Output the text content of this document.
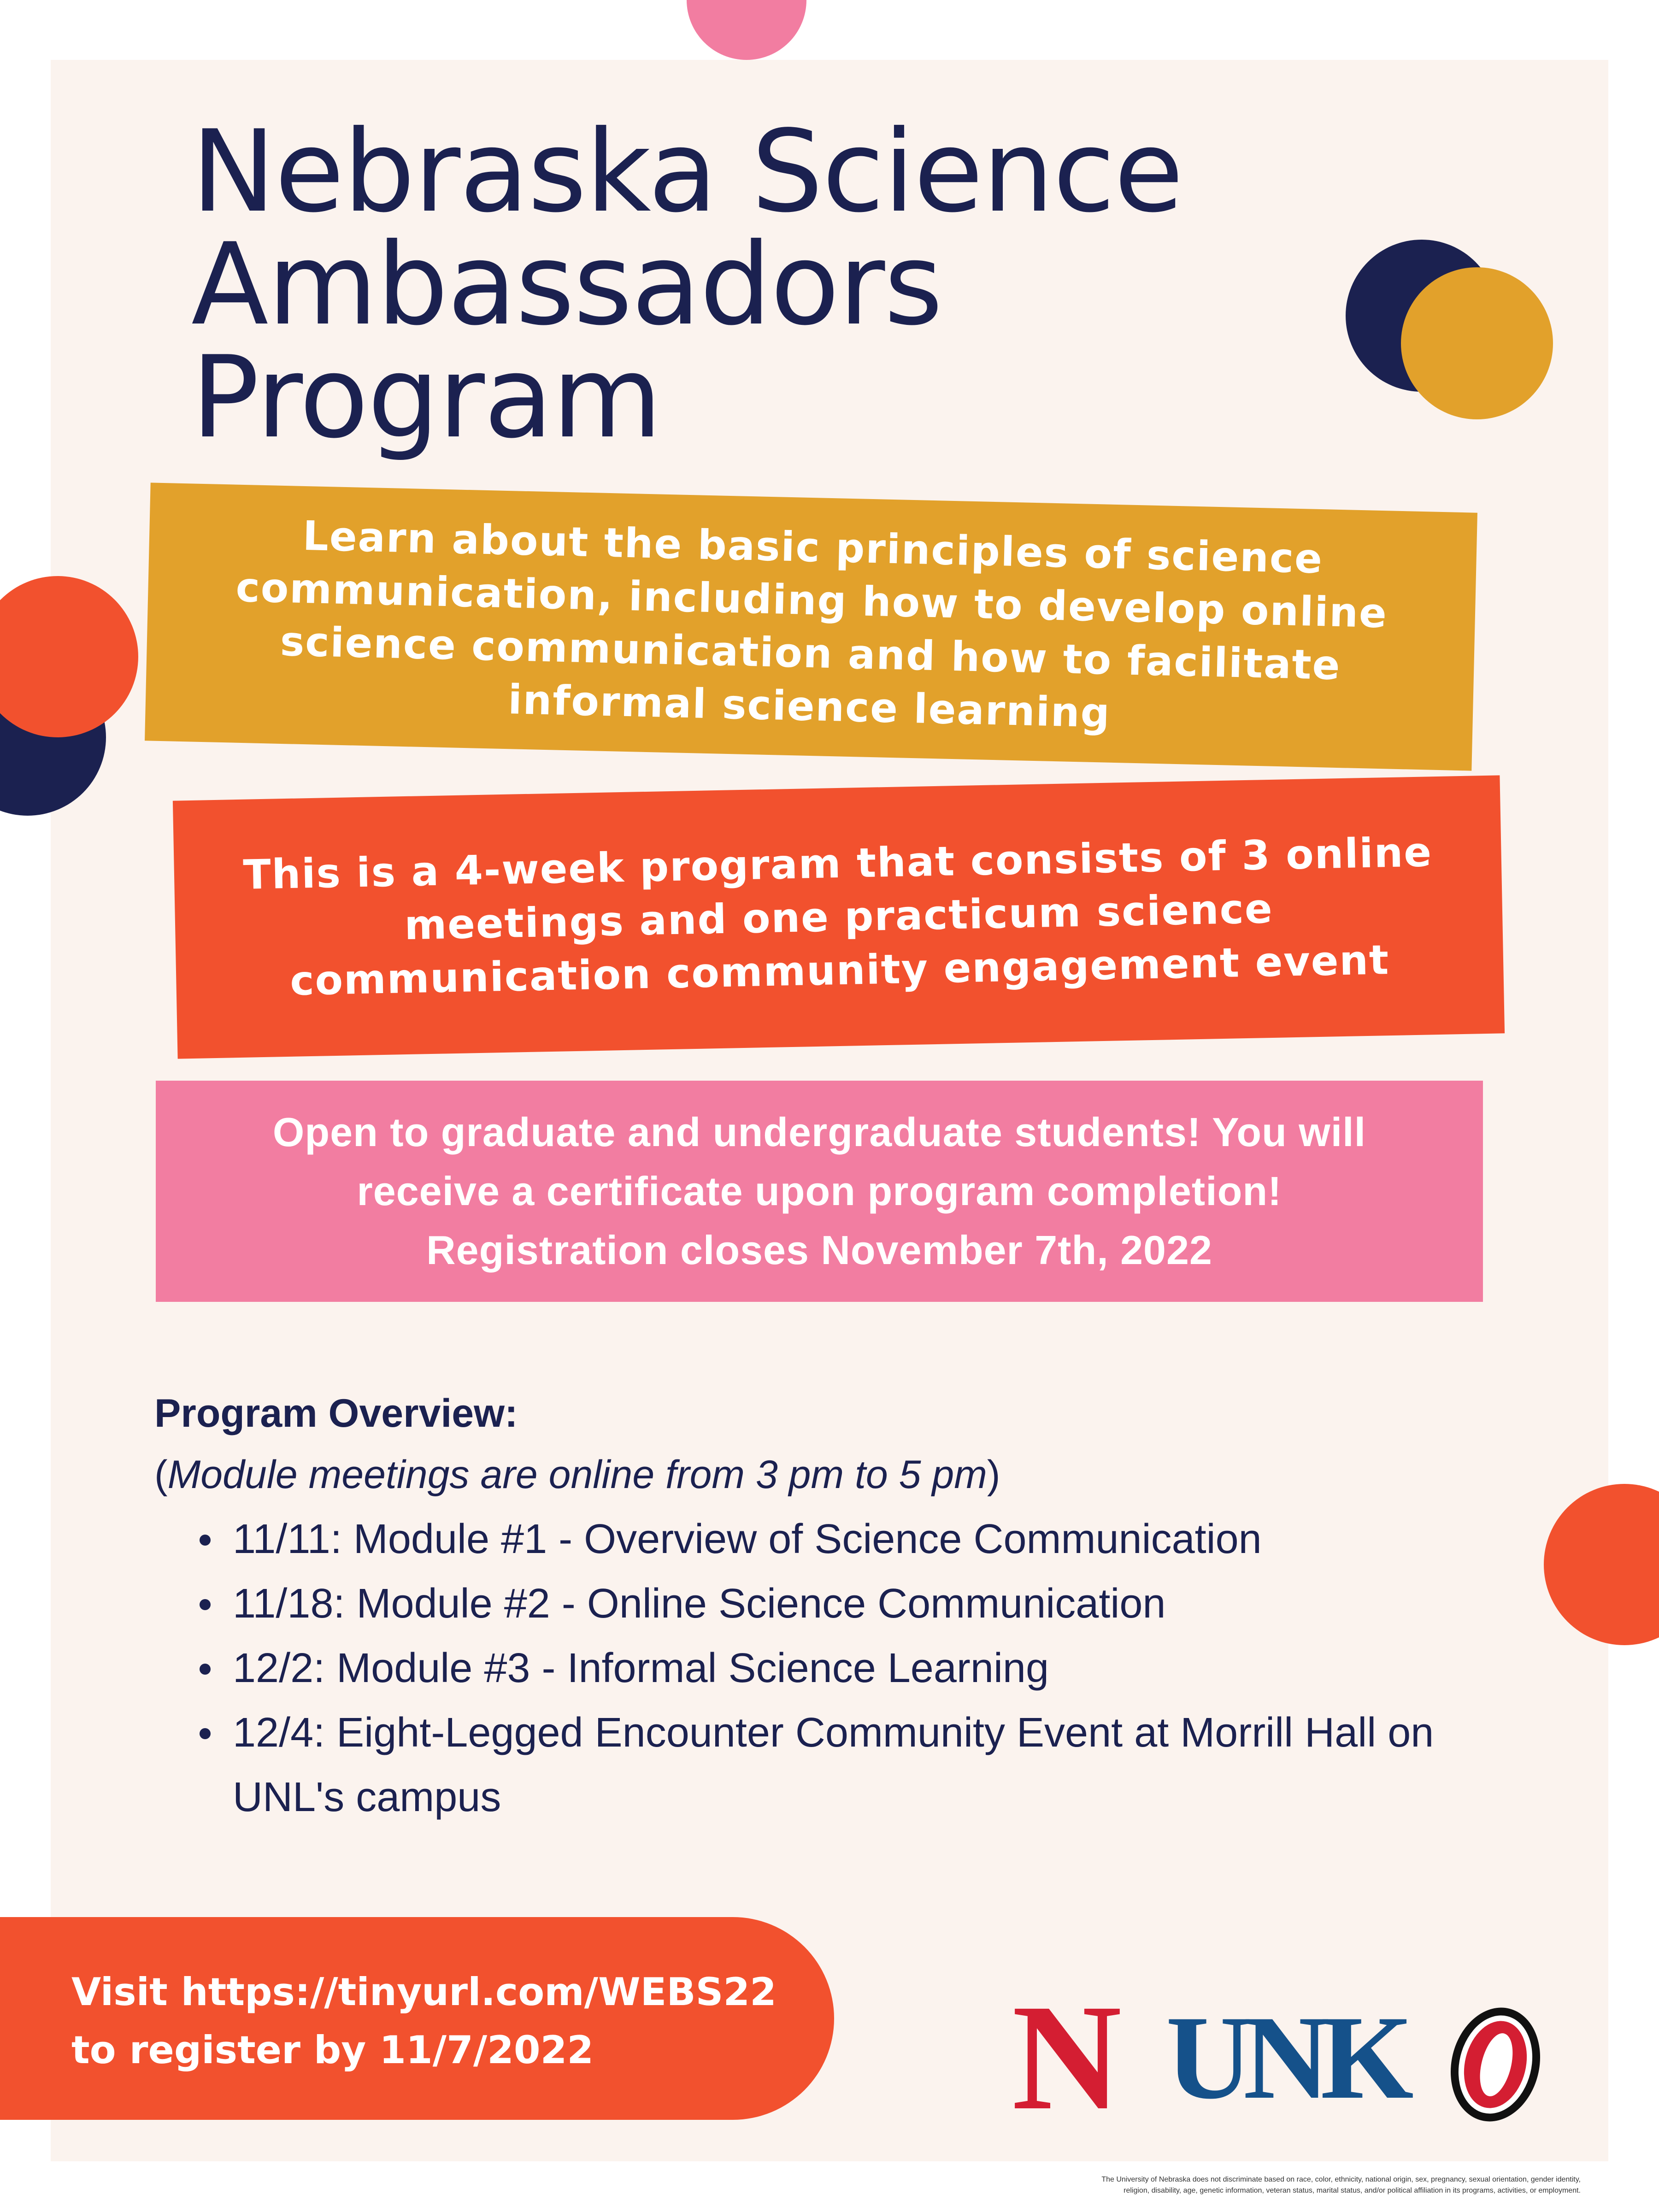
Nebraska Science
Ambassadors
Program
Learn about the basic principles of science
communication, including how to develop online
science communication and how to facilitate
informal science learning
This is a 4-week program that consists of 3 online
meetings and one practicum science
communication community engagement event
Open to graduate and undergraduate students! You will
receive a certificate upon program completion!
Registration closes November 7th, 2022
Program Overview:
(Module meetings are online from 3 pm to 5 pm)
11/11: Module #1 - Overview of Science Communication
11/18: Module #2 - Online Science Communication
12/2: Module #3 - Informal Science Learning
12/4: Eight-Legged Encounter Community Event at Morrill Hall on UNL's campus
Visit https://tinyurl.com/WEBS22
to register by 11/7/2022	N UNK
The University of Nebraska does not discriminate based on race, color, ethnicity, national origin, sex, pregnancy, sexual orientation, gender identity,
religion, disability, age, genetic information, veteran status, marital status, and/or political affiliation in its programs, activities, or employment.
